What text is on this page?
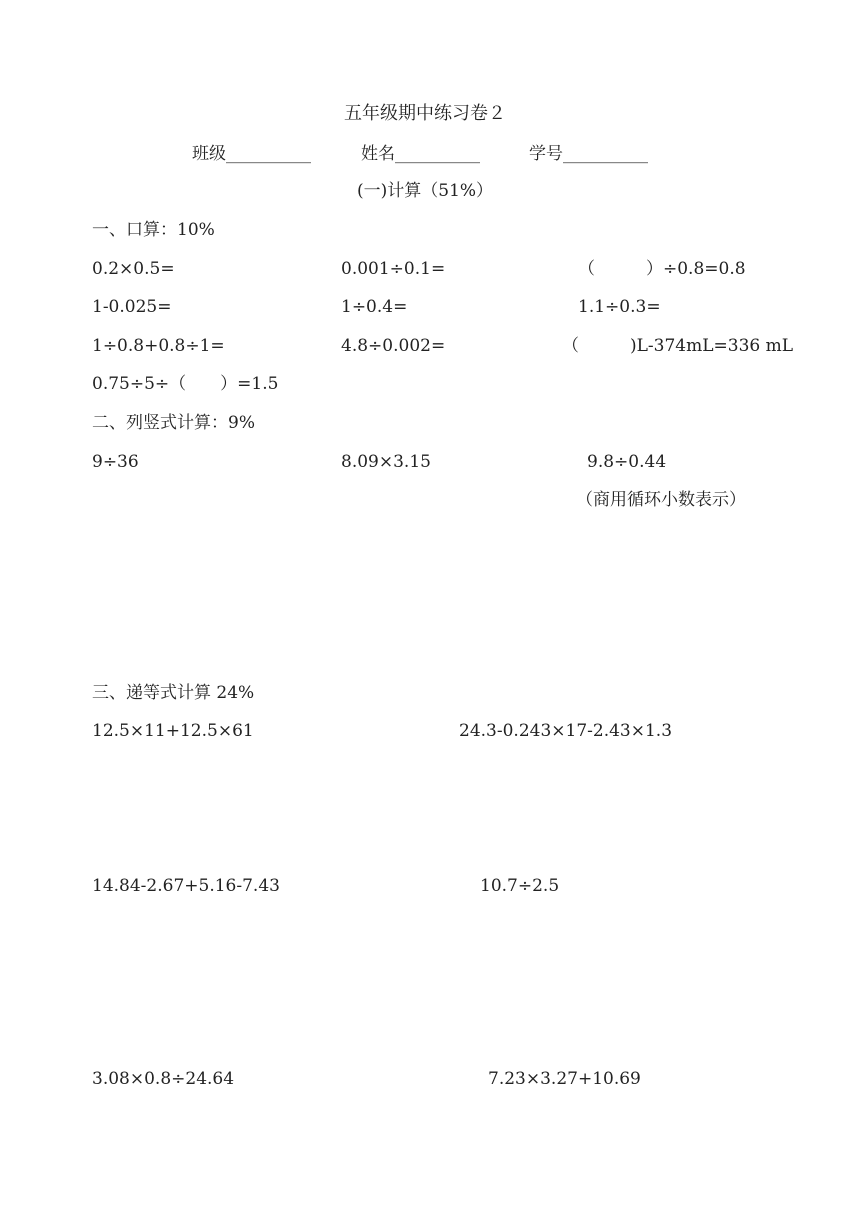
五年级期中练习卷２
班级__________	姓名__________	学号__________
(一)计算（51%）
一、口算：10%
0.2×0.5=	0.001÷0.1=	（　　　）÷0.8=0.8
1-0.025=	1÷0.4=	1.1÷0.3=
1÷0.8+0.8÷1=	4.8÷0.002=	（　　　)L-374mL=336 mL
0.75÷5÷（　　）=1.5
二、列竖式计算：9%
9÷36	8.09×3.15	9.8÷0.44
（商用循环小数表示）
三、递等式计算 24%
12.5×11+12.5×61	24.3-0.243×17-2.43×1.3
14.84-2.67+5.16-7.43	10.7÷2.5
3.08×0.8÷24.64	7.23×3.27+10.69
